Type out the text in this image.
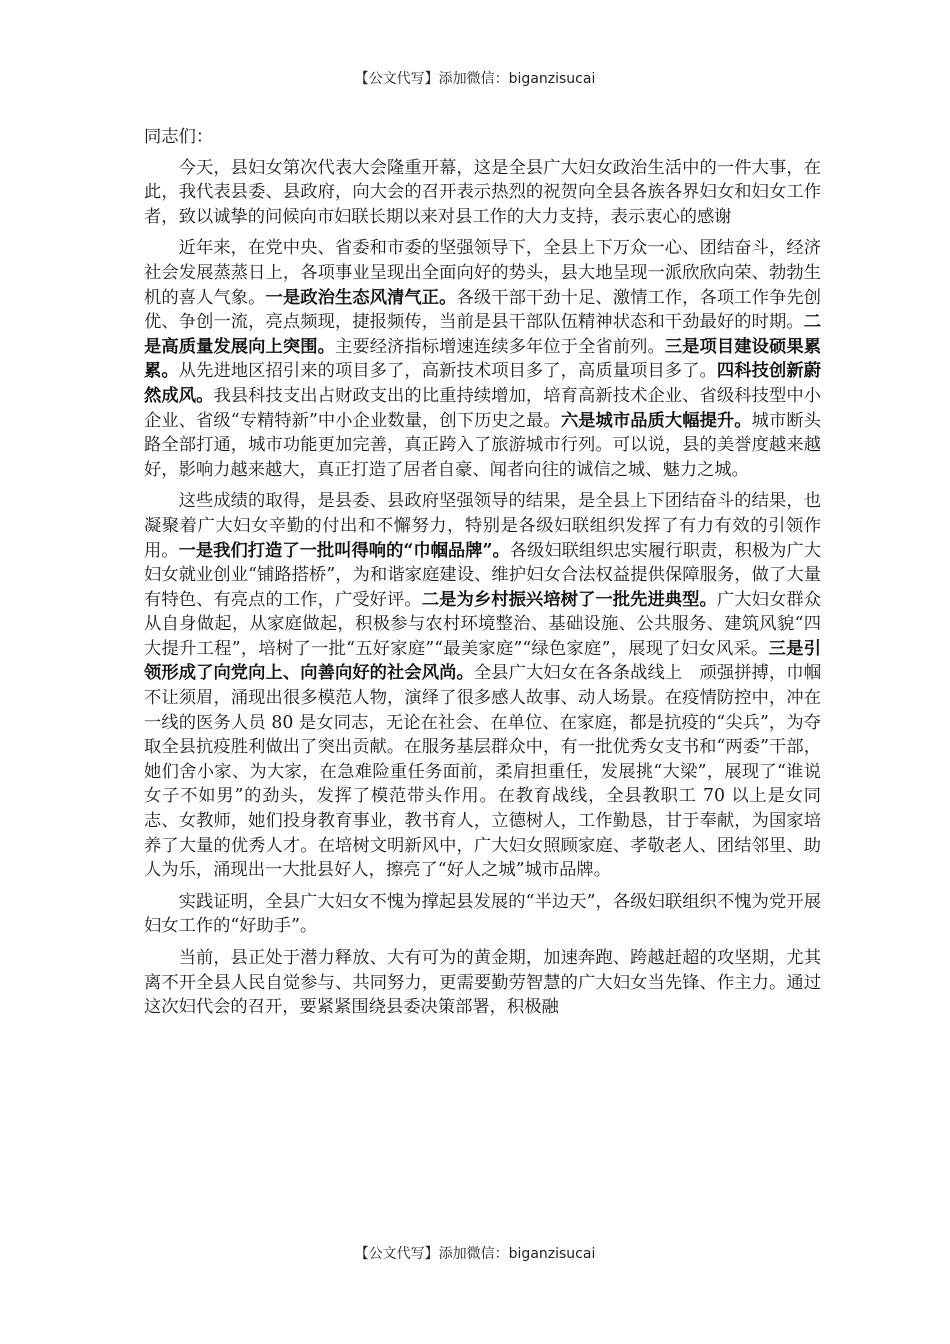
【公文代写】添加微信：biganzisucai

同志们：

今天，县妇女第次代表大会隆重开幕，这是全县广大妇女政治生活中的一件大事，在此，我代表县委、县政府，向大会的召开表示热烈的祝贺向全县各族各界妇女和妇女工作者，致以诚挚的问候向市妇联长期以来对县工作的大力支持，表示衷心的感谢

近年来，在党中央、省委和市委的坚强领导下，全县上下万众一心、团结奋斗，经济社会发展蒸蒸日上，各项事业呈现出全面向好的势头，县大地呈现一派欣欣向荣、勃勃生机的喜人气象。一是政治生态风清气正。各级干部干劲十足、激情工作，各项工作争先创优、争创一流，亮点频现，捷报频传，当前是县干部队伍精神状态和干劲最好的时期。二是高质量发展向上突围。主要经济指标增速连续多年位于全省前列。三是项目建设硕果累累。从先进地区招引来的项目多了，高新技术项目多了，高质量项目多了。四科技创新蔚然成风。我县科技支出占财政支出的比重持续增加，培育高新技术企业、省级科技型中小企业、省级“专精特新”中小企业数量，创下历史之最。六是城市品质大幅提升。城市断头路全部打通，城市功能更加完善，真正跨入了旅游城市行列。可以说，县的美誉度越来越好，影响力越来越大，真正打造了居者自豪、闻者向往的诚信之城、魅力之城。

这些成绩的取得，是县委、县政府坚强领导的结果，是全县上下团结奋斗的结果，也凝聚着广大妇女辛勤的付出和不懈努力，特别是各级妇联组织发挥了有力有效的引领作用。一是我们打造了一批叫得响的“巾帼品牌”。各级妇联组织忠实履行职责，积极为广大妇女就业创业“铺路搭桥”，为和谐家庭建设、维护妇女合法权益提供保障服务，做了大量有特色、有亮点的工作，广受好评。二是为乡村振兴培树了一批先进典型。广大妇女群众从自身做起，从家庭做起，积极参与农村环境整治、基础设施、公共服务、建筑风貌“四大提升工程”，培树了一批“五好家庭”“最美家庭”“绿色家庭”，展现了妇女风采。三是引领形成了向党向上、向善向好的社会风尚。全县广大妇女在各条战线上　顽强拼搏，巾帼不让须眉，涌现出很多模范人物，演绎了很多感人故事、动人场景。在疫情防控中，冲在一线的医务人员 80 是女同志，无论在社会、在单位、在家庭，都是抗疫的“尖兵”，为夺取全县抗疫胜利做出了突出贡献。在服务基层群众中，有一批优秀女支书和“两委”干部，她们舍小家、为大家，在急难险重任务面前，柔肩担重任，发展挑“大梁”，展现了“谁说女子不如男”的劲头，发挥了模范带头作用。在教育战线，全县教职工 70 以上是女同志、女教师，她们投身教育事业，教书育人，立德树人，工作勤恳，甘于奉献，为国家培养了大量的优秀人才。在培树文明新风中，广大妇女照顾家庭、孝敬老人、团结邻里、助人为乐，涌现出一大批县好人，擦亮了“好人之城”城市品牌。

实践证明，全县广大妇女不愧为撑起县发展的“半边天”，各级妇联组织不愧为党开展妇女工作的“好助手”。

当前，县正处于潜力释放、大有可为的黄金期，加速奔跑、跨越赶超的攻坚期，尤其离不开全县人民自觉参与、共同努力，更需要勤劳智慧的广大妇女当先锋、作主力。通过这次妇代会的召开，要紧紧围绕县委决策部署，积极融

【公文代写】添加微信：biganzisucai
